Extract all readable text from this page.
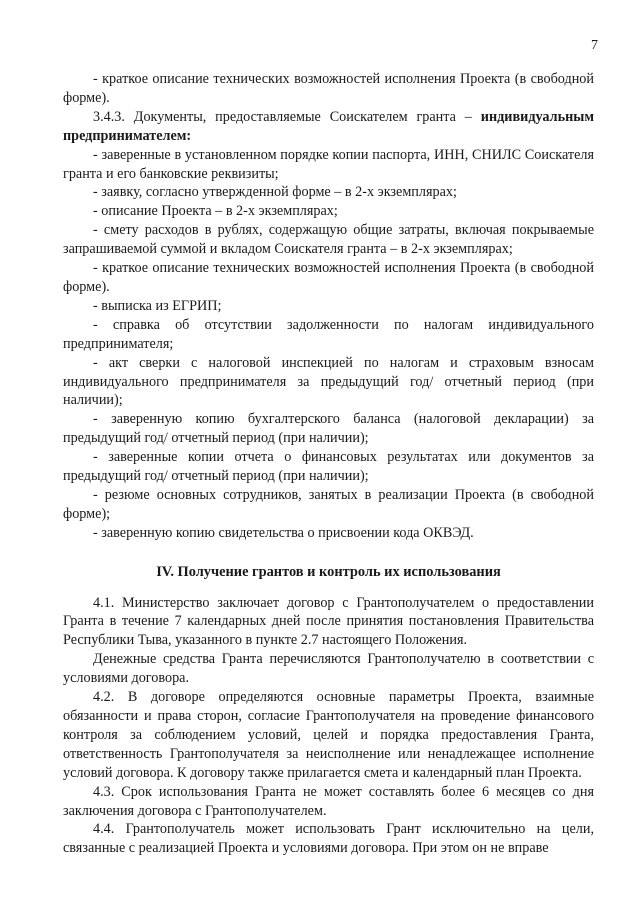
7

- краткое описание технических возможностей исполнения Проекта (в свободной форме).

3.4.3. Документы, предоставляемые Соискателем гранта – индивидуальным предпринимателем:

- заверенные в установленном порядке копии паспорта, ИНН, СНИЛС Соискателя гранта и его банковские реквизиты;

- заявку, согласно утвержденной форме – в 2-х экземплярах;

- описание Проекта – в 2-х экземплярах;

- смету расходов в рублях, содержащую общие затраты, включая покрываемые запрашиваемой суммой и вкладом Соискателя гранта – в 2-х экземплярах;

- краткое описание технических возможностей исполнения Проекта (в свободной форме).

- выписка из ЕГРИП;

- справка об отсутствии задолженности по налогам индивидуального предпринимателя;

- акт сверки с налоговой инспекцией по налогам и страховым взносам индивидуального предпринимателя за предыдущий год/ отчетный период (при наличии);

- заверенную копию бухгалтерского баланса (налоговой декларации) за предыдущий год/ отчетный период (при наличии);

- заверенные копии отчета о финансовых результатах или документов за предыдущий год/ отчетный период (при наличии);

- резюме основных сотрудников, занятых в реализации Проекта (в свободной форме);

- заверенную копию свидетельства о присвоении кода ОКВЭД.

IV. Получение грантов и контроль их использования

4.1. Министерство заключает договор с Грантополучателем о предоставлении Гранта в течение 7 календарных дней после принятия постановления Правительства Республики Тыва, указанного в пункте 2.7 настоящего Положения.

Денежные средства Гранта перечисляются Грантополучателю в соответствии с условиями договора.

4.2. В договоре определяются основные параметры Проекта, взаимные обязанности и права сторон, согласие Грантополучателя на проведение финансового контроля за соблюдением условий, целей и порядка предоставления Гранта, ответственность Грантополучателя за неисполнение или ненадлежащее исполнение условий договора. К договору также прилагается смета и календарный план Проекта.

4.3. Срок использования Гранта не может составлять более 6 месяцев со дня заключения договора с Грантополучателем.

4.4. Грантополучатель может использовать Грант исключительно на цели, связанные с реализацией Проекта и условиями договора. При этом он не вправе
